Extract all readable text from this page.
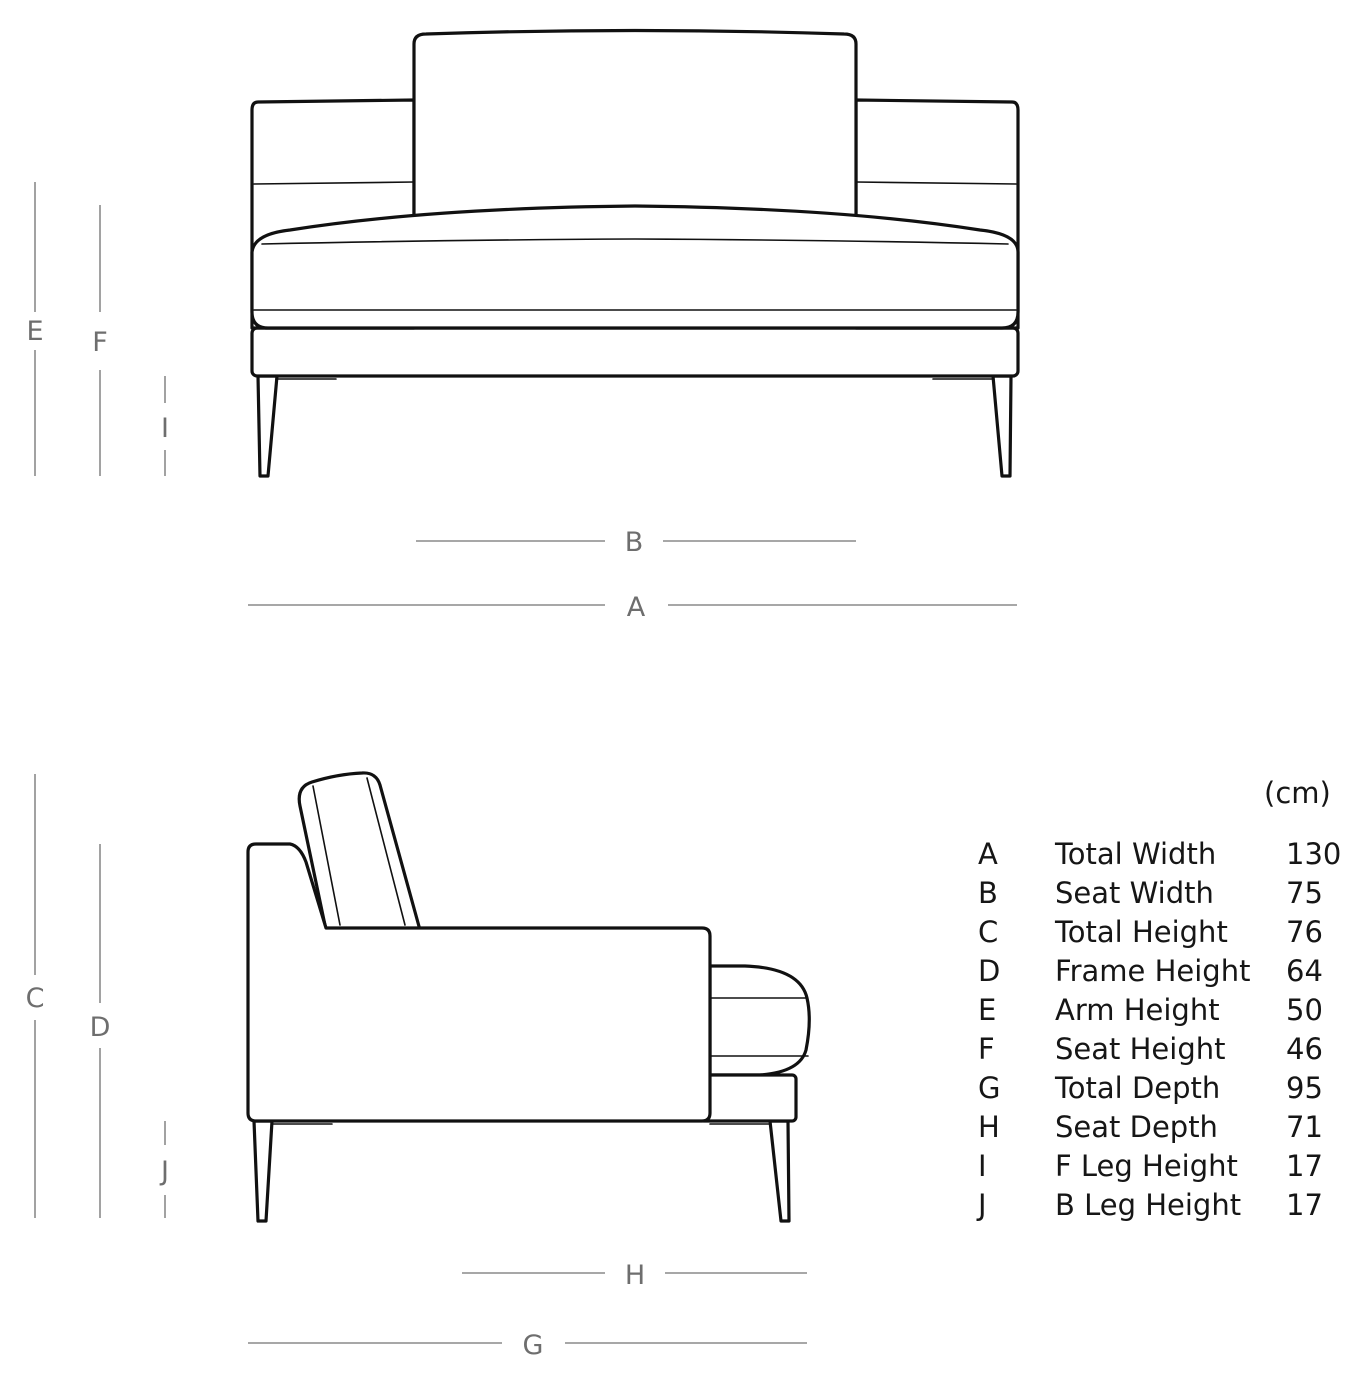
E F
I
B
A
C
D
J
H
G
(cm)
A Total Width 130
B Seat Width 75
C Total Height 76
D Frame Height 64
E Arm Height 50
F Seat Height 46
G Total Depth 95
H Seat Depth 71
I F Leg Height 17
J B Leg Height 17
